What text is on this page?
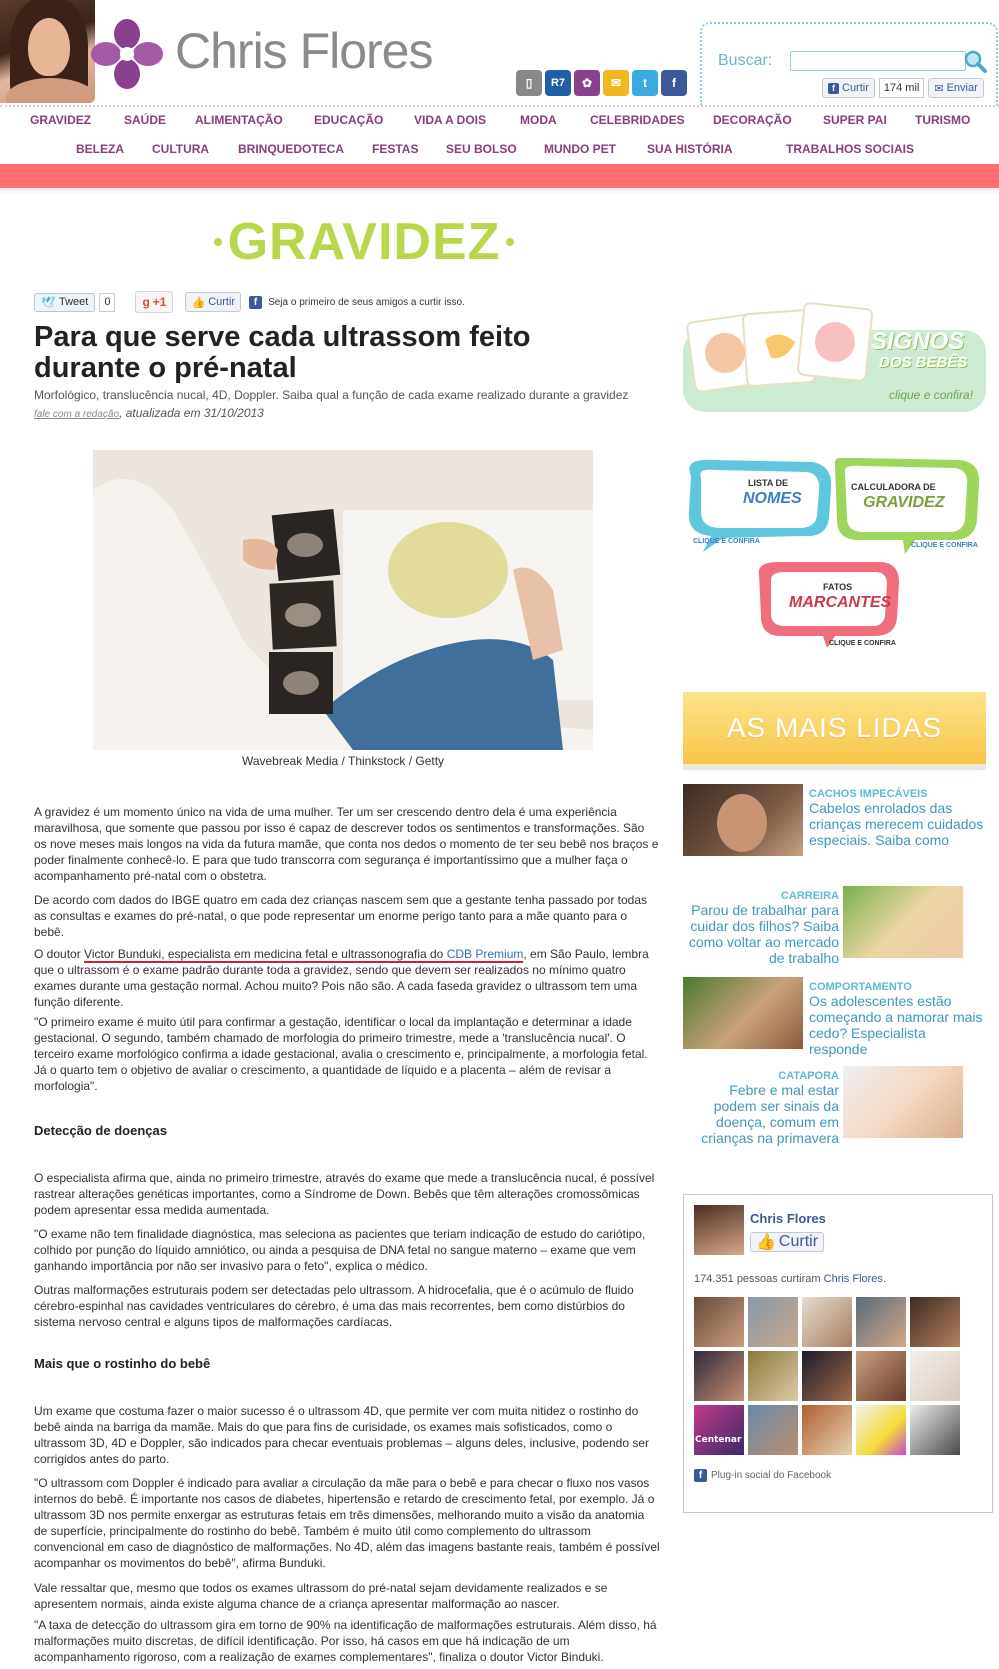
Chris Flores
▯	R7	✿	✉	t	f
Buscar:
f Curtir	174 mil	✉ Enviar
GRAVIDEZ	SAÚDE ALIMENTAÇÃO	EDUCAÇÃO	VIDA A DOIS	MODA	CELEBRIDADES DECORAÇÃO	SUPER PAI TURISMO
BELEZA CULTURA BRINQUEDOTECA FESTAS SEU BOLSO MUNDO PET	SUA HISTÓRIA	TRABALHOS SOCIAIS
GRAVIDEZ
🕊 Tweet	0	g +1 👍 Curtir	f	Seja o primeiro de seus amigos a curtir isso.
Para que serve cada ultrassom feito durante o pré-natal
Morfológico, translucência nucal, 4D, Doppler. Saiba qual a função de cada exame realizado durante a gravidez
fale com a redação, atualizada em 31/10/2013
Wavebreak Media / Thinkstock / Getty

A gravidez é um momento único na vida de uma mulher. Ter um ser crescendo dentro dela é uma experiência maravilhosa, que somente que passou por isso é capaz de descrever todos os sentimentos e transformações. São os nove meses mais longos na vida da futura mamãe, que conta nos dedos o momento de ter seu bebê nos braços e poder finalmente conhecê-lo. E para que tudo transcorra com segurança é importantíssimo que a mulher faça o acompanhamento pré-natal com o obstetra.

De acordo com dados do IBGE quatro em cada dez crianças nascem sem que a gestante tenha passado por todas as consultas e exames do pré-natal, o que pode representar um enorme perigo tanto para a mãe quanto para o bebê.

O doutor Victor Bunduki, especialista em medicina fetal e ultrassonografia do CDB Premium, em São Paulo, lembra que o ultrassom é o exame padrão durante toda a gravidez, sendo que devem ser realizados no mínimo quatro exames durante uma gestação normal. Achou muito? Pois não são. A cada faseda gravidez o ultrassom tem uma função diferente.

"O primeiro exame é muito útil para confirmar a gestação, identificar o local da implantação e determinar a idade gestacional. O segundo, também chamado de morfologia do primeiro trimestre, mede a 'translucência nucal'. O terceiro exame morfológico confirma a idade gestacional, avalia o crescimento e, principalmente, a morfologia fetal. Já o quarto tem o objetivo de avaliar o crescimento, a quantidade de líquido e a placenta – além de revisar a morfologia".

Detecção de doenças

O especialista afirma que, ainda no primeiro trimestre, através do exame que mede a translucência nucal, é possível rastrear alterações genéticas importantes, como a Síndrome de Down. Bebês que têm alterações cromossômicas podem apresentar essa medida aumentada.

"O exame não tem finalidade diagnóstica, mas seleciona as pacientes que teriam indicação de estudo do cariótipo, colhido por punção do líquido amniótico, ou ainda a pesquisa de DNA fetal no sangue materno – exame que vem ganhando importância por não ser invasivo para o feto", explica o médico.

Outras malformações estruturais podem ser detectadas pelo ultrassom. A hidrocefalia, que é o acúmulo de fluido cérebro-espinhal nas cavidades ventriculares do cérebro, é uma das mais recorrentes, bem como distúrbios do sistema nervoso central e alguns tipos de malformações cardíacas.

Mais que o rostinho do bebê

Um exame que costuma fazer o maior sucesso é o ultrassom 4D, que permite ver com muita nitidez o rostinho do bebê ainda na barriga da mamãe. Mais do que para fins de curisidade, os exames mais sofisticados, como o ultrassom 3D, 4D e Doppler, são indicados para checar eventuais problemas – alguns deles, inclusive, podendo ser corrigidos antes do parto.

"O ultrassom com Doppler é indicado para avaliar a circulação da mãe para o bebê e para checar o fluxo nos vasos internos do bebê. É importante nos casos de diabetes, hipertensão e retardo de crescimento fetal, por exemplo. Já o ultrassom 3D nos permite enxergar as estruturas fetais em três dimensões, melhorando muito a visão da anatomia de superfície, principalmente do rostinho do bebê. Também é muito útil como complemento do ultrassom convencional em caso de diagnóstico de malformações. No 4D, além das imagens bastante reais, também é possível acompanhar os movimentos do bebê", afirma Bunduki.

Vale ressaltar que, mesmo que todos os exames ultrassom do pré-natal sejam devidamente realizados e se apresentem normais, ainda existe alguma chance de a criança apresentar malformação ao nascer.

"A taxa de detecção do ultrassom gira em torno de 90% na identificação de malformações estruturais. Além disso, há malformações muito discretas, de difícil identificação. Por isso, há casos em que há indicação de um acompanhamento rigoroso, com a realização de exames complementares", finaliza o doutor Victor Binduki.

SIGNOS
DOS BEBÊS
clique e confira!
LISTA DE
NOMES
CLIQUE E CONFIRA
CALCULADORA DE
GRAVIDEZ
CLIQUE E CONFIRA
FATOS
MARCANTES
CLIQUE E CONFIRA
AS MAIS LIDAS
CACHOS IMPECÁVEIS
Cabelos enrolados das crianças merecem cuidados especiais. Saiba como
CARREIRA
Parou de trabalhar para cuidar dos filhos? Saiba como voltar ao mercado de trabalho
COMPORTAMENTO
Os adolescentes estão começando a namorar mais cedo? Especialista responde
CATAPORA
Febre e mal estar podem ser sinais da doença, comum em crianças na primavera
Chris Flores
👍 Curtir
174.351 pessoas curtiram Chris Flores.
Centenar
f Plug-in social do Facebook
